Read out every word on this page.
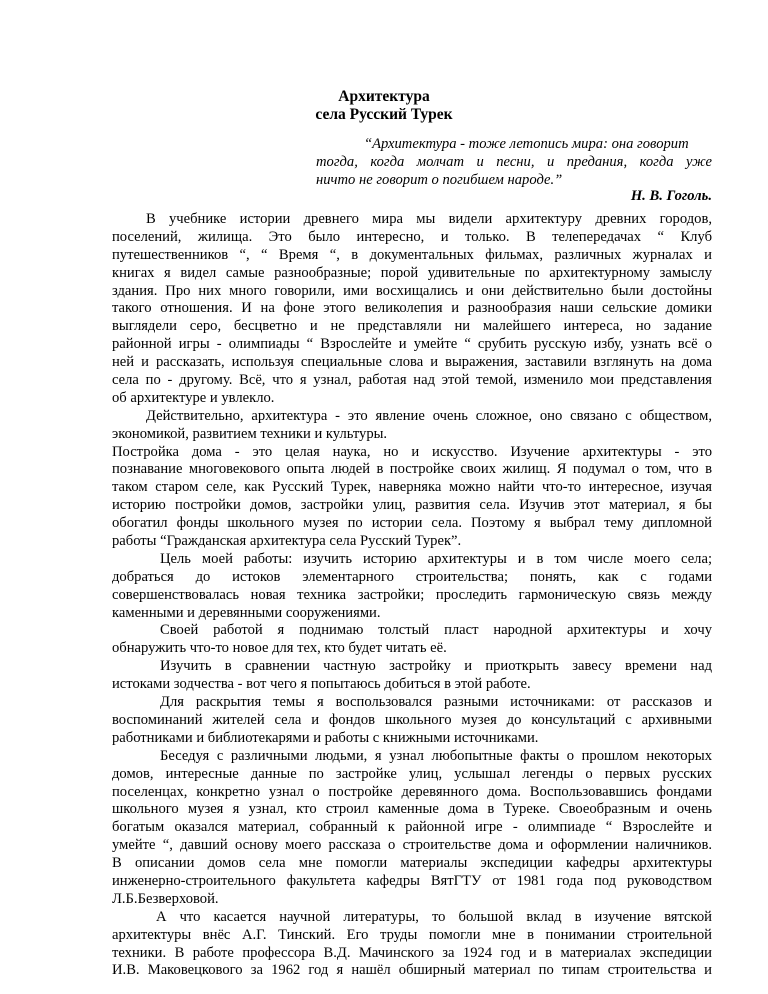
Архитектура
села Русский Турек
“Архитектура - тоже летопись мира: она говорит
тогда, когда молчат и песни, и предания, когда уже
ничто не говорит о погибшем народе.”
Н. В. Гоголь.
В учебнике истории древнего мира мы видели архитектуру древних городов,
поселений, жилища. Это было интересно, и только. В телепередачах “ Клуб
путешественников “, “ Время “, в документальных фильмах, различных журналах и
книгах я видел самые разнообразные; порой удивительные по архитектурному замыслу
здания. Про них много говорили, ими восхищались и они действительно были достойны
такого отношения. И на фоне этого великолепия и разнообразия наши сельские домики
выглядели серо, бесцветно и не представляли ни малейшего интереса, но задание
районной игры - олимпиады “ Взрослейте и умейте “ срубить русскую избу, узнать всё о
ней и рассказать, используя специальные слова и выражения, заставили взглянуть на дома
села по - другому. Всё, что я узнал, работая над этой темой, изменило мои представления
об архитектуре и увлекло.
Действительно, архитектура - это явление очень сложное, оно связано с обществом,
экономикой, развитием техники и культуры.
Постройка дома - это целая наука, но и искусство. Изучение архитектуры - это
познавание многовекового опыта людей в постройке своих жилищ. Я подумал о том, что в
таком старом селе, как Русский Турек, наверняка можно найти что-то интересное, изучая
историю постройки домов, застройки улиц, развития села. Изучив этот материал, я бы
обогатил фонды школьного музея по истории села. Поэтому я выбрал тему дипломной
работы “Гражданская архитектура села Русский Турек”.
Цель моей работы: изучить историю архитектуры и в том числе моего села;
добраться до истоков элементарного строительства; понять, как с годами
совершенствовалась новая техника застройки; проследить гармоническую связь между
каменными и деревянными сооружениями.
Своей работой я поднимаю толстый пласт народной архитектуры и хочу
обнаружить что-то новое для тех, кто будет читать её.
Изучить в сравнении частную застройку и приоткрыть завесу времени над
истоками зодчества - вот чего я попытаюсь добиться в этой работе.
Для раскрытия темы я воспользовался разными источниками: от рассказов и
воспоминаний жителей села и фондов школьного музея до консультаций с архивными
работниками и библиотекарями и работы с книжными источниками.
Беседуя с различными людьми, я узнал любопытные факты о прошлом некоторых
домов, интересные данные по застройке улиц, услышал легенды о первых русских
поселенцах, конкретно узнал о постройке деревянного дома. Воспользовавшись фондами
школьного музея я узнал, кто строил каменные дома в Туреке. Своеобразным и очень
богатым оказался материал, собранный к районной игре - олимпиаде “ Взрослейте и
умейте “, давший основу моего рассказа о строительстве дома и оформлении наличников.
В описании домов села мне помогли материалы экспедиции кафедры архитектуры
инженерно-строительного факультета кафедры ВятГТУ от 1981 года под руководством
Л.Б.Безверховой.
А что касается научной литературы, то большой вклад в изучение вятской
архитектуры внёс А.Г. Тинский. Его труды помогли мне в понимании строительной
техники. В работе профессора В.Д. Мачинского за 1924 год и в материалах экспедиции
И.В. Маковецкового за 1962 год я нашёл обширный материал по типам строительства и
